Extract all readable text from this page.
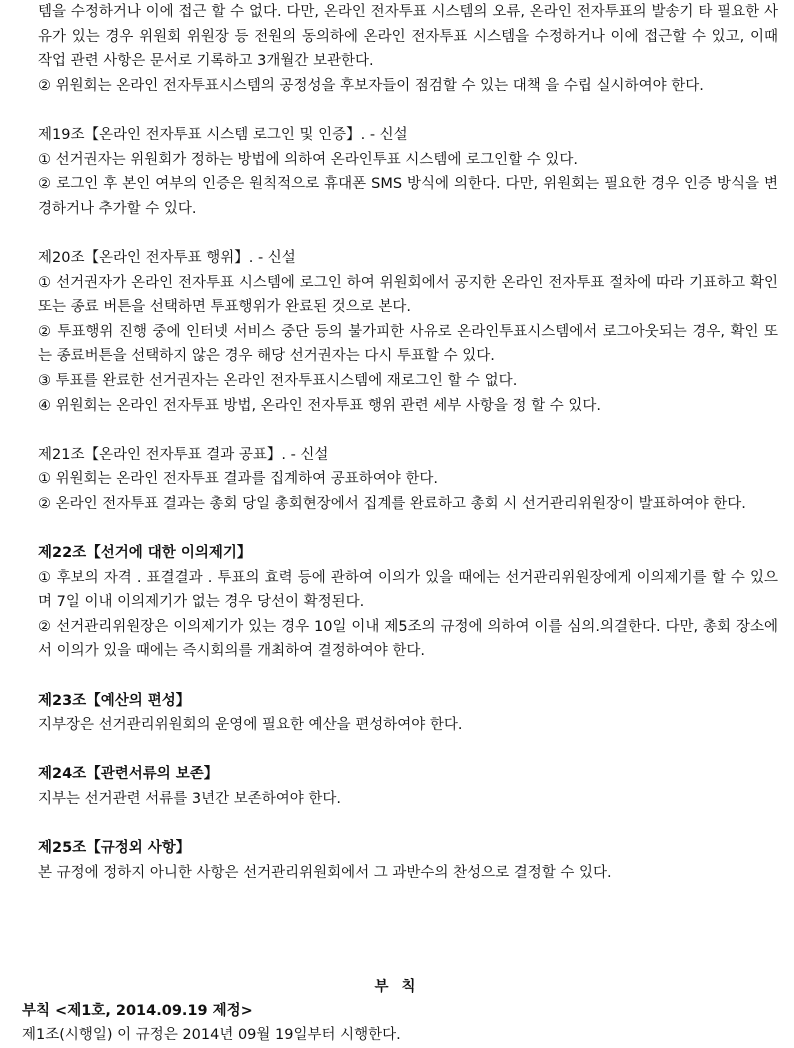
템을 수정하거나 이에 접근 할 수 없다. 다만, 온라인 전자투표 시스템의 오류, 온라인 전자투표의 발송기 타 필요한 사유가 있는 경우 위원회 위원장 등 전원의 동의하에 온라인 전자투표 시스템을 수정하거나 이에 접근할 수 있고, 이때 작업 관련 사항은 문서로 기록하고 3개월간 보관한다.

② 위원회는 온라인 전자투표시스템의 공정성을 후보자들이 점검할 수 있는 대책 을 수립 실시하여야 한다.

제19조【온라인 전자투표 시스템 로그인 및 인증】. - 신설

① 선거권자는 위원회가 정하는 방법에 의하여 온라인투표 시스템에 로그인할 수 있다.

② 로그인 후 본인 여부의 인증은 원칙적으로 휴대폰 SMS 방식에 의한다. 다만, 위원회는 필요한 경우 인증 방식을 변경하거나 추가할 수 있다.

제20조【온라인 전자투표 행위】. - 신설

① 선거권자가 온라인 전자투표 시스템에 로그인 하여 위원회에서 공지한 온라인 전자투표 절차에 따라 기표하고 확인 또는 종료 버튼을 선택하면 투표행위가 완료된 것으로 본다.

② 투표행위 진행 중에 인터넷 서비스 중단 등의 불가피한 사유로 온라인투표시스템에서 로그아웃되는 경우, 확인 또는 종료버튼을 선택하지 않은 경우 해당 선거권자는 다시 투표할 수 있다.

③ 투표를 완료한 선거권자는 온라인 전자투표시스템에 재로그인 할 수 없다.

④ 위원회는 온라인 전자투표 방법, 온라인 전자투표 행위 관련 세부 사항을 정 할 수 있다.

제21조【온라인 전자투표 결과 공표】. - 신설

① 위원회는 온라인 전자투표 결과를 집계하여 공표하여야 한다.

② 온라인 전자투표 결과는 총회 당일 총회현장에서 집계를 완료하고 총회 시 선거관리위원장이 발표하여야 한다.

제22조【선거에 대한 이의제기】

① 후보의 자격 . 표결결과 . 투표의 효력 등에 관하여 이의가 있을 때에는 선거관리위원장에게 이의제기를 할 수 있으며 7일 이내 이의제기가 없는 경우 당선이 확정된다.

② 선거관리위원장은 이의제기가 있는 경우 10일 이내 제5조의 규정에 의하여 이를 심의.의결한다. 다만, 총회 장소에서 이의가 있을 때에는 즉시회의를 개최하여 결정하여야 한다.

제23조【예산의 편성】

지부장은 선거관리위원회의 운영에 필요한 예산을 편성하여야 한다.

제24조【관련서류의 보존】

지부는 선거관련 서류를 3년간 보존하여야 한다.

제25조【규정외 사항】

본 규정에 정하지 아니한 사항은 선거관리위원회에서 그 과반수의 찬성으로 결정할 수 있다.

부 칙

부칙 <제1호, 2014.09.19 제정>

제1조(시행일) 이 규정은 2014년 09월 19일부터 시행한다.
